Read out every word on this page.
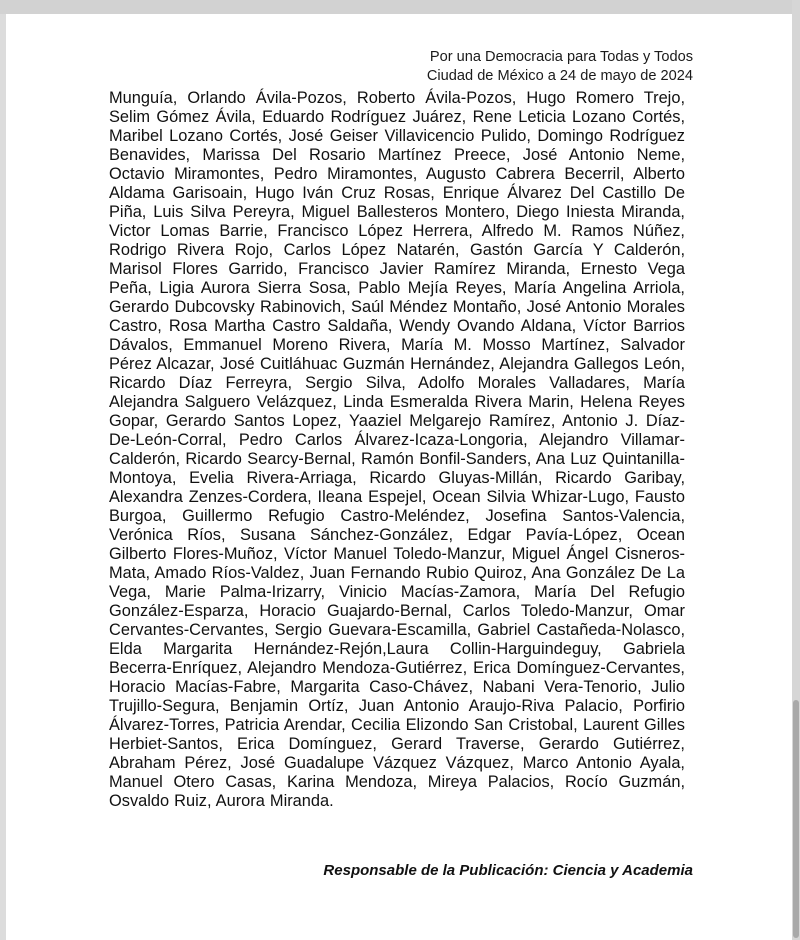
Por una Democracia para Todas y Todos
Ciudad de México a 24 de mayo de 2024
Munguía, Orlando Ávila-Pozos, Roberto Ávila-Pozos, Hugo Romero Trejo, Selim Gómez Ávila, Eduardo Rodríguez Juárez, Rene Leticia Lozano Cortés, Maribel Lozano Cortés, José Geiser Villavicencio Pulido, Domingo Rodríguez Benavides, Marissa Del Rosario Martínez Preece, José Antonio Neme, Octavio Miramontes, Pedro Miramontes, Augusto Cabrera Becerril, Alberto Aldama Garisoain, Hugo Iván Cruz Rosas, Enrique Álvarez Del Castillo De Piña, Luis Silva Pereyra, Miguel Ballesteros Montero, Diego Iniesta Miranda, Victor Lomas Barrie, Francisco López Herrera, Alfredo M. Ramos Núñez, Rodrigo Rivera Rojo, Carlos López Natarén, Gastón García Y Calderón, Marisol Flores Garrido, Francisco Javier Ramírez Miranda, Ernesto Vega Peña, Ligia Aurora Sierra Sosa, Pablo Mejía Reyes, María Angelina Arriola, Gerardo Dubcovsky Rabinovich, Saúl Méndez Montaño, José Antonio Morales Castro, Rosa Martha Castro Saldaña, Wendy Ovando Aldana, Víctor Barrios Dávalos, Emmanuel Moreno Rivera, María M. Mosso Martínez, Salvador Pérez Alcazar, José Cuitláhuac Guzmán Hernández, Alejandra Gallegos León, Ricardo Díaz Ferreyra, Sergio Silva, Adolfo Morales Valladares, María Alejandra Salguero Velázquez, Linda Esmeralda Rivera Marin, Helena Reyes Gopar, Gerardo Santos Lopez, Yaaziel Melgarejo Ramírez, Antonio J. Díaz-De-León-Corral, Pedro Carlos Álvarez-Icaza-Longoria, Alejandro Villamar-Calderón, Ricardo Searcy-Bernal, Ramón Bonfil-Sanders, Ana Luz Quintanilla-Montoya, Evelia Rivera-Arriaga, Ricardo Gluyas-Millán, Ricardo Garibay, Alexandra Zenzes-Cordera, Ileana Espejel, Ocean Silvia Whizar-Lugo, Fausto Burgoa, Guillermo Refugio Castro-Meléndez, Josefina Santos-Valencia, Verónica Ríos, Susana Sánchez-González, Edgar Pavía-López, Ocean Gilberto Flores-Muñoz, Víctor Manuel Toledo-Manzur, Miguel Ángel Cisneros-Mata, Amado Ríos-Valdez, Juan Fernando Rubio Quiroz, Ana González De La Vega, Marie Palma-Irizarry, Vinicio Macías-Zamora, María Del Refugio González-Esparza, Horacio Guajardo-Bernal, Carlos Toledo-Manzur, Omar Cervantes-Cervantes, Sergio Guevara-Escamilla, Gabriel Castañeda-Nolasco, Elda Margarita Hernández-Rejón,Laura Collin-Harguindeguy, Gabriela Becerra-Enríquez, Alejandro Mendoza-Gutiérrez, Erica Domínguez-Cervantes, Horacio Macías-Fabre, Margarita Caso-Chávez, Nabani Vera-Tenorio, Julio Trujillo-Segura, Benjamin Ortíz, Juan Antonio Araujo-Riva Palacio, Porfirio Álvarez-Torres, Patricia Arendar, Cecilia Elizondo San Cristobal, Laurent Gilles Herbiet-Santos, Erica Domínguez, Gerard Traverse, Gerardo Gutiérrez, Abraham Pérez, José Guadalupe Vázquez Vázquez, Marco Antonio Ayala, Manuel Otero Casas, Karina Mendoza, Mireya Palacios, Rocío Guzmán, Osvaldo Ruiz, Aurora Miranda.
Responsable de la Publicación: Ciencia y Academia
